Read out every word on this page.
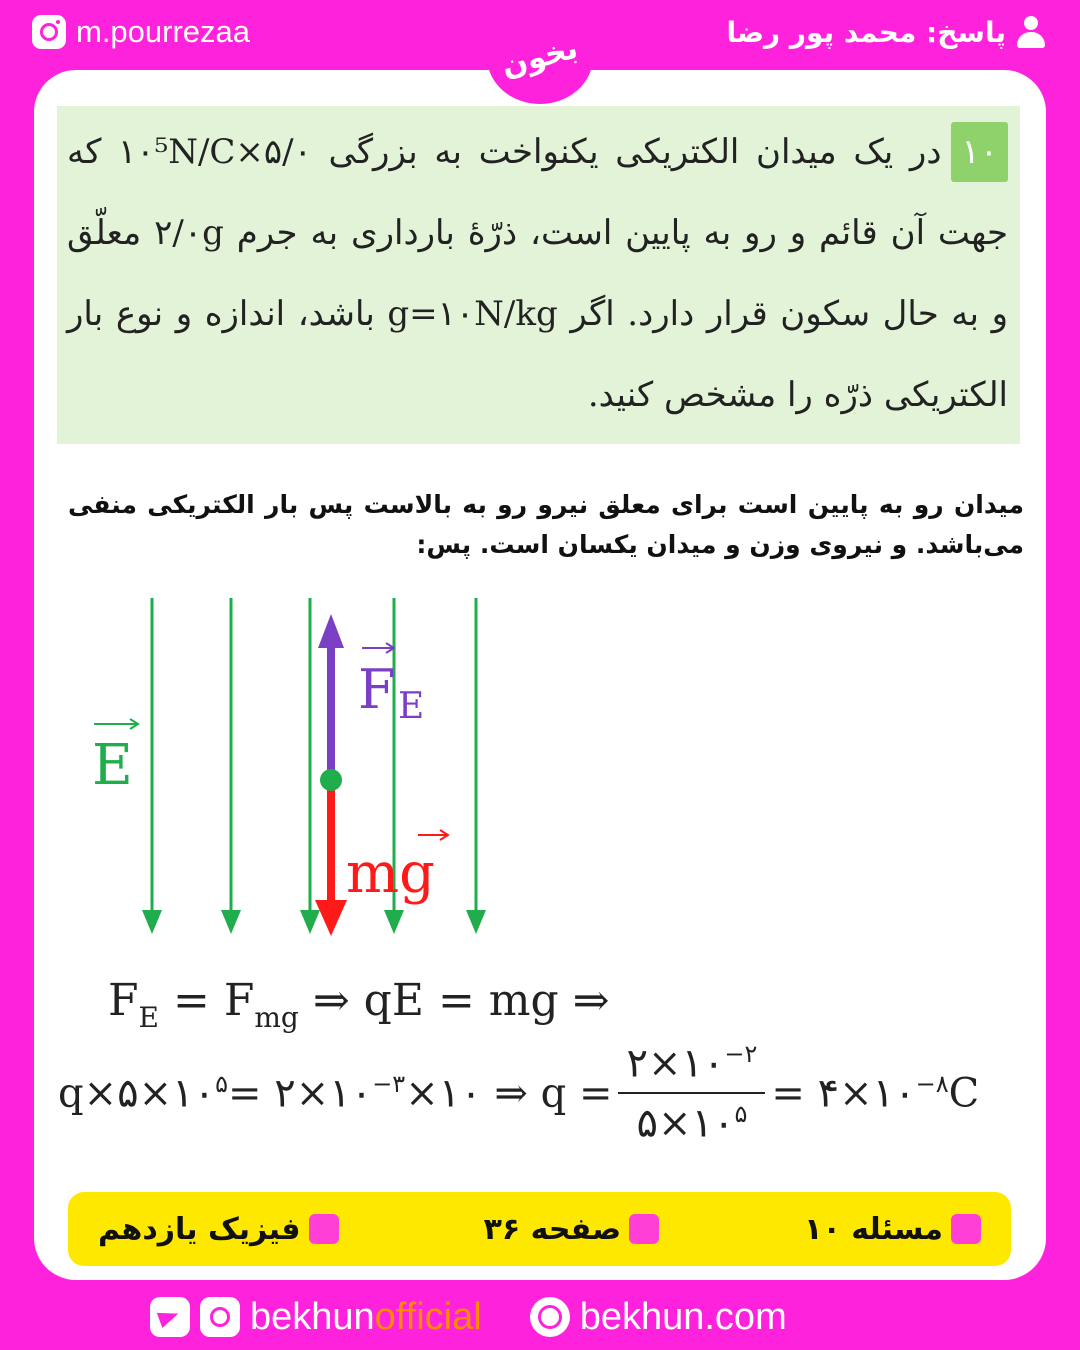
m.pourrezaa	پاسخ: محمد پور رضا
بخون

۱۰در یک میدان الکتریکی یکنواخت به بزرگی ۵/۰×۱۰⁵N/C که جهت آن قائم و رو به پایین است، ذرّهٔ بارداری به جرم ۲/۰g معلّق و به حال سکون قرار دارد. اگر g=۱۰N/kg باشد، اندازه و نوع بار الکتریکی ذرّه را مشخص کنید.

میدان رو به پایین است برای معلق نیرو رو به بالاست پس بار الکتریکی منفی می‌باشد. و نیروی وزن و میدان یکسان است. پس:

E
F E
mg
$F_E = F_{mg}$ ⇒ qE = mg ⇒
$q\times ۵\times ۱۰^۵$ = $۲\times ۱۰^{-۳}\times ۱۰$ ⇒ $q = \frac{۲\times ۱۰^{-۲}}{۵\times ۱۰^۵}$ = $۴\times ۱۰^{-۸}C$
مسئله ۱۰
صفحه ۳۶
فیزیک یازدهم
bekhunofficial	bekhun.com
